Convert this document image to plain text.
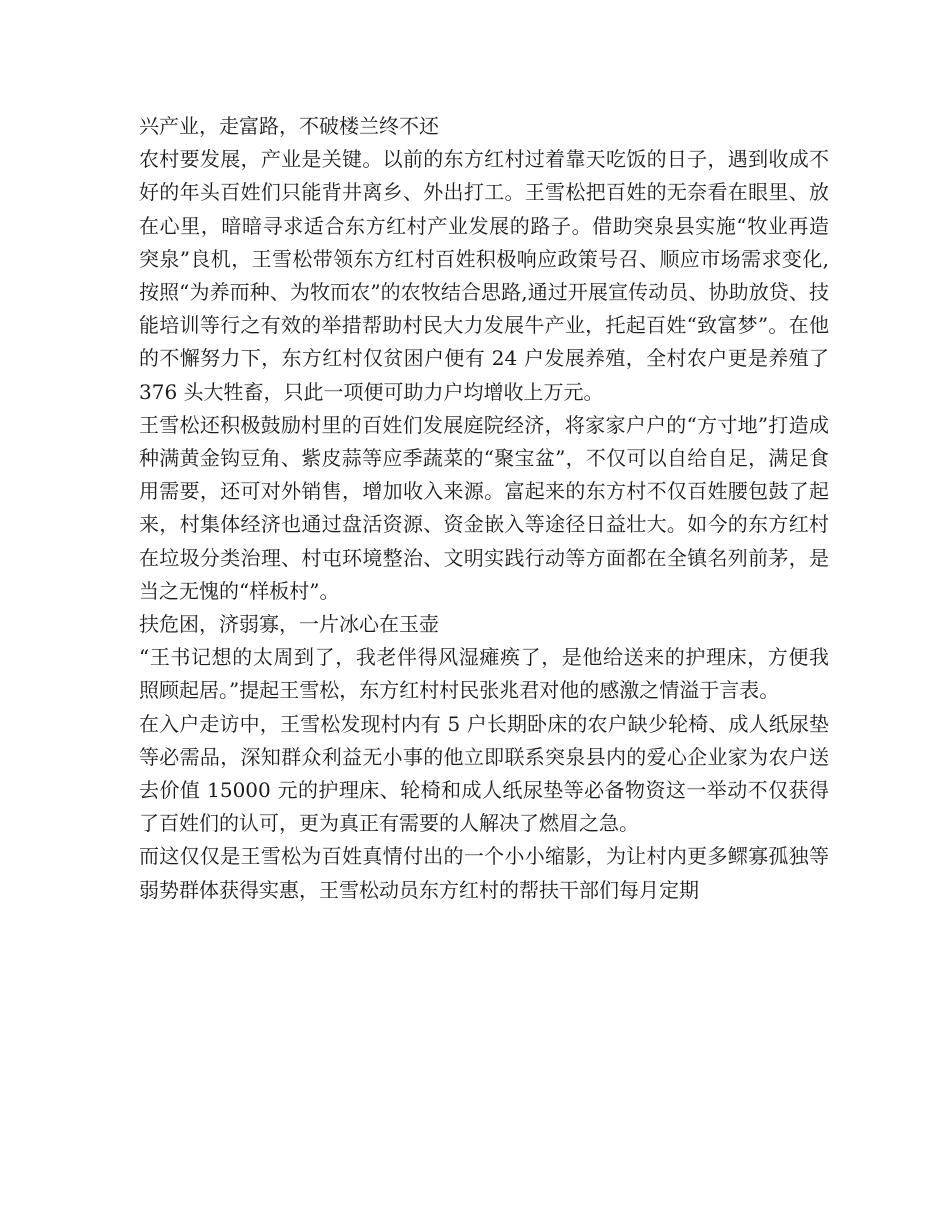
兴产业，走富路，不破楼兰终不还

农村要发展，产业是关键。以前的东方红村过着靠天吃饭的日子，遇到收成不好的年头百姓们只能背井离乡、外出打工。王雪松把百姓的无奈看在眼里、放在心里，暗暗寻求适合东方红村产业发展的路子。借助突泉县实施“牧业再造突泉”良机，王雪松带领东方红村百姓积极响应政策号召、顺应市场需求变化,按照“为养而种、为牧而农”的农牧结合思路,通过开展宣传动员、协助放贷、技能培训等行之有效的举措帮助村民大力发展牛产业，托起百姓“致富梦”。在他的不懈努力下，东方红村仅贫困户便有 24 户发展养殖，全村农户更是养殖了 376 头大牲畜，只此一项便可助力户均增收上万元。

王雪松还积极鼓励村里的百姓们发展庭院经济，将家家户户的“方寸地”打造成种满黄金钩豆角、紫皮蒜等应季蔬菜的“聚宝盆”，不仅可以自给自足，满足食用需要，还可对外销售，增加收入来源。富起来的东方村不仅百姓腰包鼓了起来，村集体经济也通过盘活资源、资金嵌入等途径日益壮大。如今的东方红村在垃圾分类治理、村屯环境整治、文明实践行动等方面都在全镇名列前茅，是当之无愧的“样板村”。

扶危困，济弱寡，一片冰心在玉壶

“王书记想的太周到了，我老伴得风湿瘫痪了，是他给送来的护理床，方便我照顾起居。”提起王雪松，东方红村村民张兆君对他的感激之情溢于言表。

在入户走访中，王雪松发现村内有 5 户长期卧床的农户缺少轮椅、成人纸尿垫等必需品，深知群众利益无小事的他立即联系突泉县内的爱心企业家为农户送去价值 15000 元的护理床、轮椅和成人纸尿垫等必备物资这一举动不仅获得了百姓们的认可，更为真正有需要的人解决了燃眉之急。

而这仅仅是王雪松为百姓真情付出的一个小小缩影，为让村内更多鳏寡孤独等弱势群体获得实惠，王雪松动员东方红村的帮扶干部们每月定期
